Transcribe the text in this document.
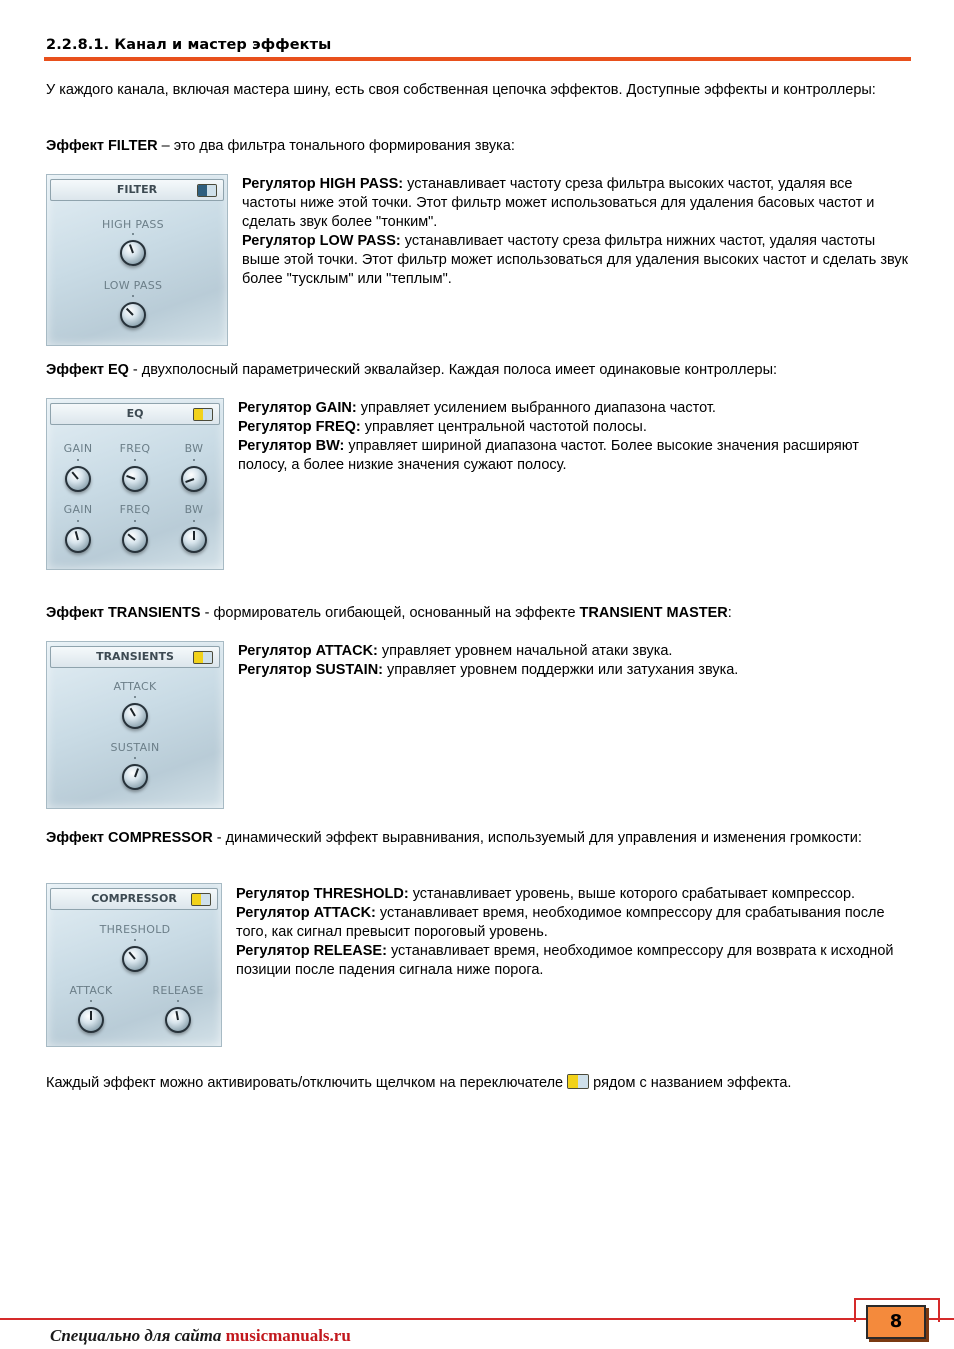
2.2.8.1. Канал и мастер эффекты
У каждого канала, включая мастера шину, есть своя собственная цепочка эффектов. Доступные эффекты и контроллеры:
Эффект FILTER – это два фильтра тонального формирования звука:
FILTER
HIGH PASS
LOW PASS
Регулятор HIGH PASS: устанавливает частоту среза фильтра высоких частот, удаляя все частоты ниже этой точки. Этот фильтр может использоваться для удаления басовых частот и сделать звук более "тонким".
Регулятор LOW PASS: устанавливает частоту среза фильтра нижних частот, удаляя частоты выше этой точки. Этот фильтр может использоваться для удаления высоких частот и сделать звук более "тусклым" или "теплым".
Эффект EQ - двухполосный параметрический эквалайзер. Каждая полоса имеет одинаковые контроллеры:
EQ
GAIN	FREQ	BW
GAIN	FREQ	BW
Регулятор GAIN: управляет усилением выбранного диапазона частот.
Регулятор FREQ: управляет центральной частотой полосы.
Регулятор BW: управляет шириной диапазона частот. Более высокие значения расширяют полосу, а более низкие значения сужают полосу.
Эффект TRANSIENTS - формирователь огибающей, основанный на эффекте TRANSIENT MASTER:
TRANSIENTS
ATTACK
SUSTAIN
Регулятор ATTACK: управляет уровнем начальной атаки звука.
Регулятор SUSTAIN: управляет уровнем поддержки или затухания звука.
Эффект COMPRESSOR - динамический эффект выравнивания, используемый для управления и изменения громкости:
COMPRESSOR
THRESHOLD
ATTACK	RELEASE
Регулятор THRESHOLD: устанавливает уровень, выше которого срабатывает компрессор.
Регулятор ATTACK: устанавливает время, необходимое компрессору для срабатывания после того, как сигнал превысит пороговый уровень.
Регулятор RELEASE: устанавливает время, необходимое компрессору для возврата к исходной позиции после падения сигнала ниже порога.
Каждый эффект можно активировать/отключить щелчком на переключателе  рядом с названием эффекта.
8
Специально для сайта musicmanuals.ru
